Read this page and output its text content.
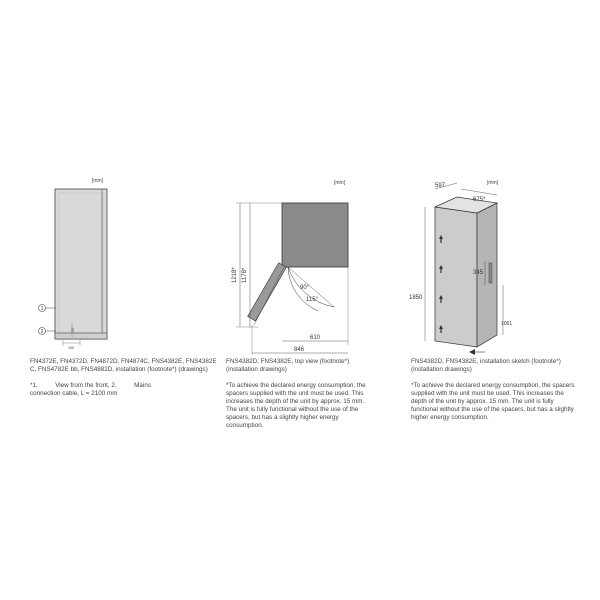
[mm]
1
2	25
100
FN4372E, FN4372D, FN4872D, FN4874C, FNS4382E, FNS4382E C, FNS4782E bb, FNS4882D, installation (footnote*) (drawings)
*1.          View from the front, 2.          Mains
connection cable, L = 2100 mm
[mm]
90°
115°
1218* 1178*
610
846
FNS4382D, FNS4382E, top view (footnote*) (installation drawings)
*To achieve the declared energy consumption, the spacers supplied with the unit must be used. This increases the depth of the unit by approx. 15 mm. The unit is fully functional without the use of the spacers, but has a slightly higher energy consumption.
[mm]
597
675*
1850
345
1061
FNS4382D, FNS4382E, installation sketch (footnote*) (installation drawings)
*To achieve the declared energy consumption, the spacers supplied with the unit must be used. This increases the depth of the unit by approx. 15 mm. The unit is fully functional without the use of the spacers, but has a slightly higher energy consumption.
